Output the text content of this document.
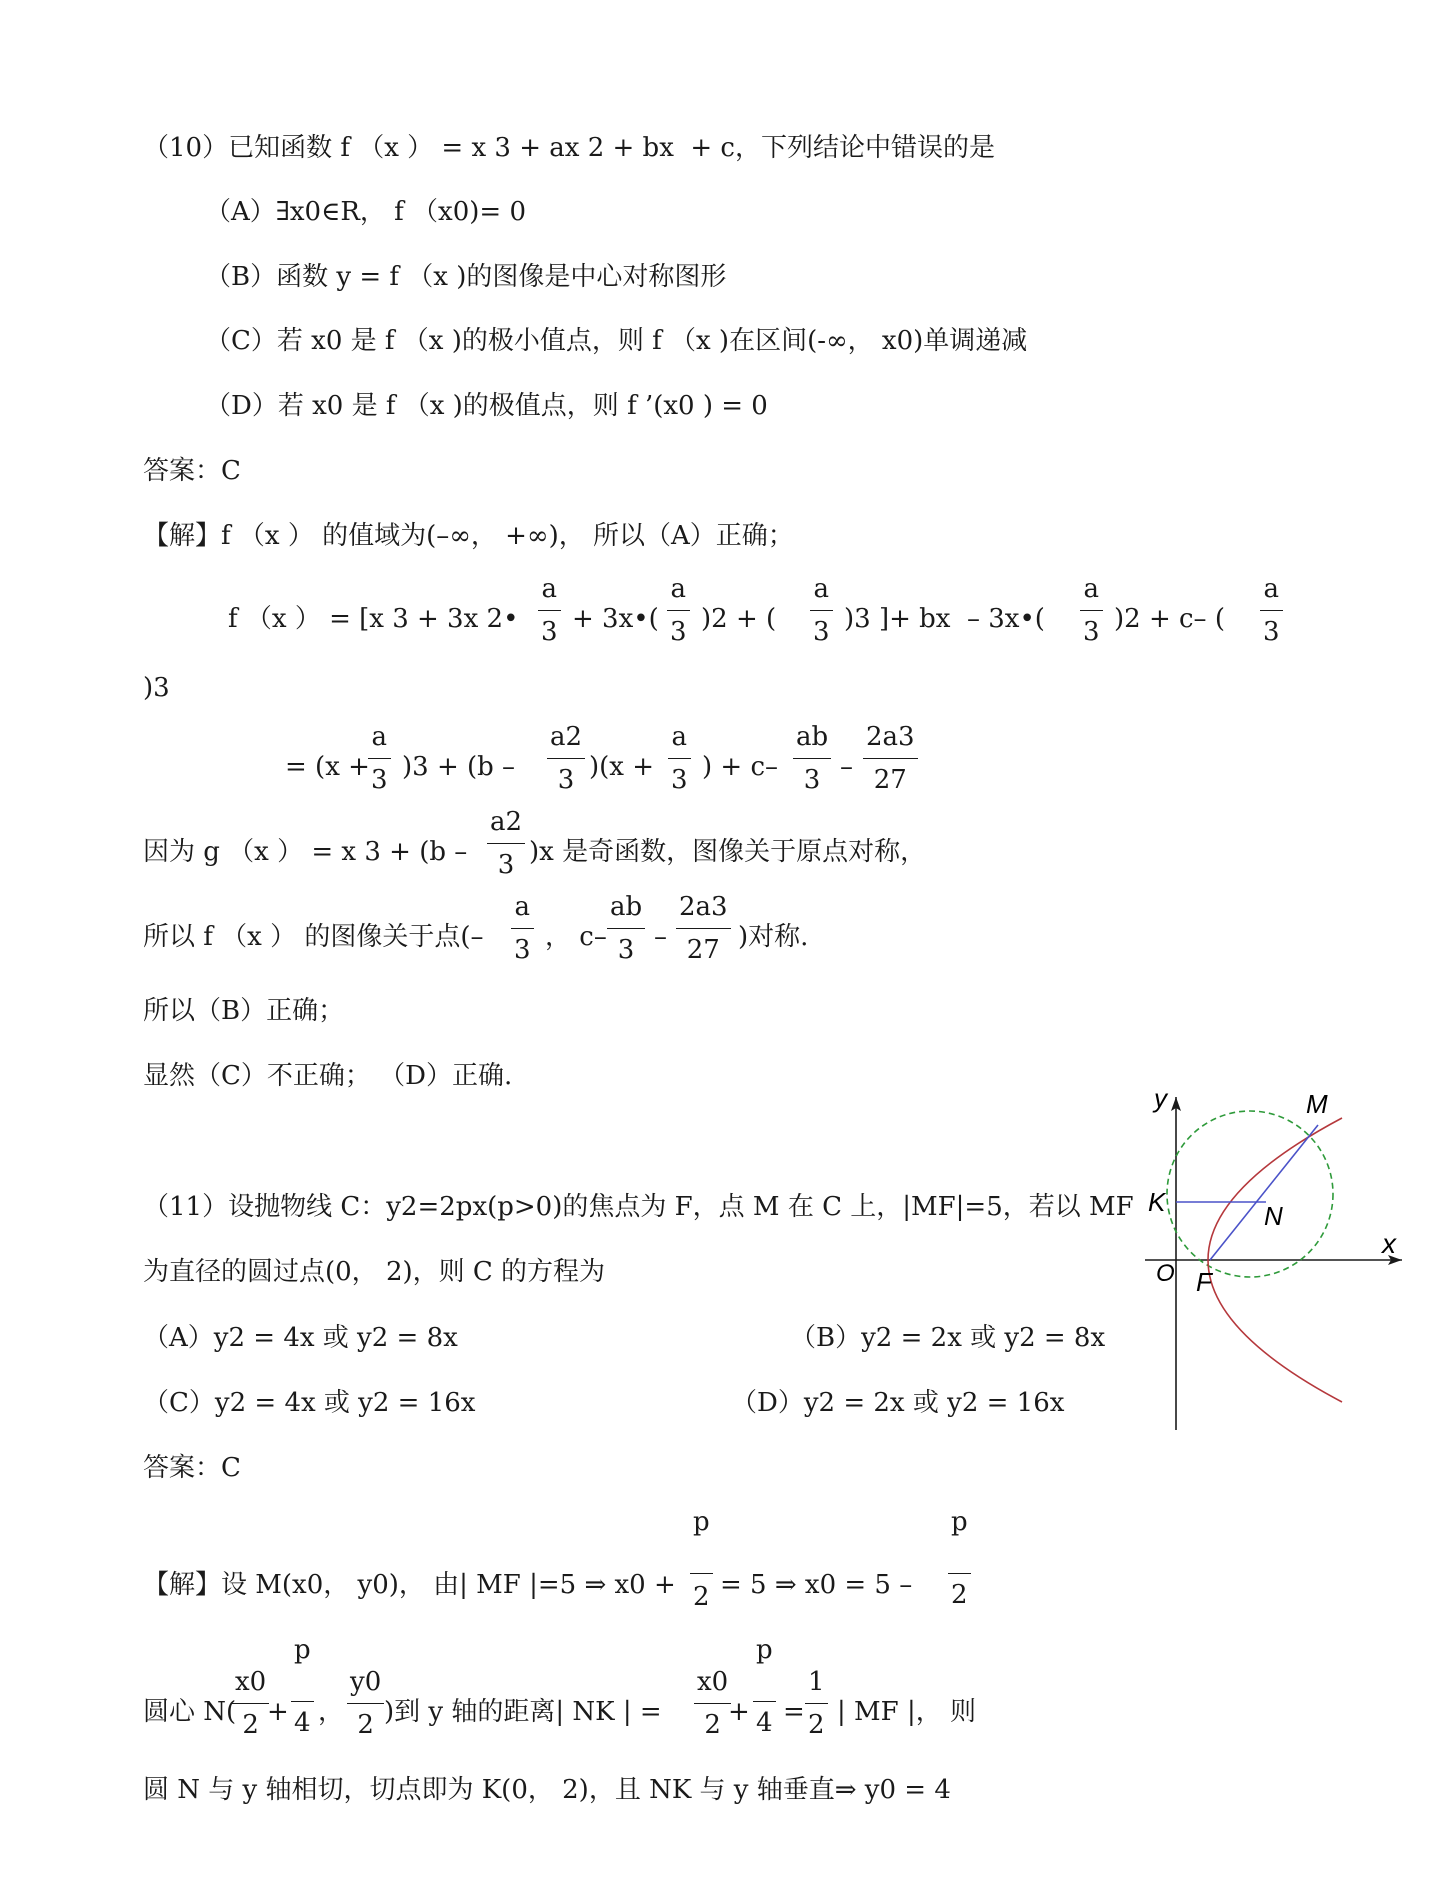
（10）已知函数 f （x ） = x 3 + ax 2 + bx  + c，下列结论中错误的是
（A）∃x0∈R， f （x0)= 0
（B）函数 y = f （x )的图像是中心对称图形
（C）若 x0 是 f （x )的极小值点，则 f （x )在区间(-∞， x0)单调递减
（D）若 x0 是 f （x )的极值点，则 f ’(x0 ) = 0
答案：C
【解】f （x ） 的值域为(–∞， +∞)， 所以（A）正确；
f （x ） = [x 3 + 3x 2•
a
3 + 3x•(
a
3 )2 + (
a
3 )3 ]+ bx  – 3x•(
a
3 )2 + c– (
a
3
)3
= (x +
a
3 )3 + (b –
a2
3 )(x +
a
3 ) + c–
ab
3 –
2a3
27
因为 g （x ） = x 3 + (b –
a2
3 )x 是奇函数，图像关于原点对称，
所以 f （x ） 的图像关于点(–
a
3 ， c–
ab
3 –
2a3
27 )对称.
所以（B）正确；
显然（C）不正确； （D）正确.
（11）设抛物线 C：y2=2px(p>0)的焦点为 F，点 M 在 C 上，|MF|=5，若以 MF
为直径的圆过点(0， 2)，则 C 的方程为
（A）y2 = 4x 或 y2 = 8x	（B）y2 = 2x 或 y2 = 8x
（C）y2 = 4x 或 y2 = 16x	（D）y2 = 2x 或 y2 = 16x
答案：C
【解】设 M(x0， y0)， 由| MF |=5 ⇒ x0 +
p
2 = 5 ⇒ x0 = 5 –
p
2
圆心 N(
x0
2 +
p
4 ，
y0
2 )到 y 轴的距离| NK | =
x0
2 +
p
4 =
1
2 | MF |， 则
圆 N 与 y 轴相切，切点即为 K(0， 2)，且 NK 与 y 轴垂直⇒ y0 = 4
y
x
M
K	N
O F
